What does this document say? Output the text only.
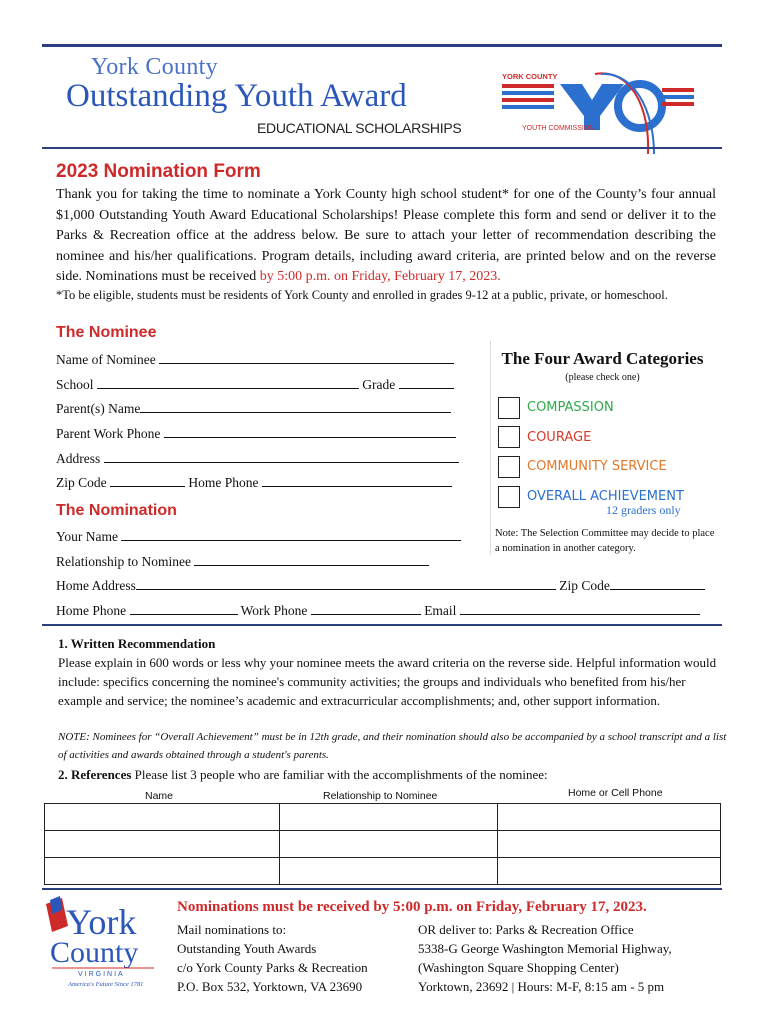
York County
Outstanding Youth Award
EDUCATIONAL SCHOLARSHIPS
YORK COUNTY
YOUTH COMMISSION
2023 Nomination Form
Thank you for taking the time to nominate a York County high school student* for one of the County’s four annual $1,000 Outstanding Youth Award Educational Scholarships! Please complete this form and send or deliver it to the Parks & Recreation office at the address below. Be sure to attach your letter of recommendation describing the nominee and his/her qualifications. Program details, including award criteria, are printed below and on the reverse side. Nominations must be received by 5:00 p.m. on Friday, February 17, 2023.
*To be eligible, students must be residents of York County and enrolled in grades 9-12 at a public, private, or homeschool.
The Nominee
Name of Nominee
School	Grade
Parent(s) Name
Parent Work Phone
Address
Zip Code	Home Phone
The Four Award Categories
(please check one)
COMPASSION
COURAGE
COMMUNITY SERVICE
OVERALL ACHIEVEMENT
12 graders only
Note: The Selection Committee may decide to place a nomination in another category.
The Nomination
Your Name
Relationship to Nominee
Home Address	Zip Code
Home Phone	Work Phone	Email
1. Written Recommendation
Please explain in 600 words or less why your nominee meets the award criteria on the reverse side. Helpful information would include: specifics concerning the nominee's community activities; the groups and individuals who benefited from his/her example and service; the nominee’s academic and extracurricular accomplishments; and, other support information.
NOTE: Nominees for “Overall Achievement” must be in 12th grade, and their nomination should also be accompanied by a school transcript and a list of activities and awards obtained through a student's parents.
2. References Please list 3 people who are familiar with the accomplishments of the nominee:
Name	Relationship to Nominee	Home or Cell Phone

York
County
VIRGINIA
America's Future Since 1781
Nominations must be received by 5:00 p.m. on Friday, February 17, 2023.
Mail nominations to:
Outstanding Youth Awards
c/o York County Parks & Recreation
P.O. Box 532, Yorktown, VA 23690
OR deliver to: Parks & Recreation Office
5338-G George Washington Memorial Highway,
(Washington Square Shopping Center)
Yorktown, 23692 | Hours: M-F, 8:15 am - 5 pm
